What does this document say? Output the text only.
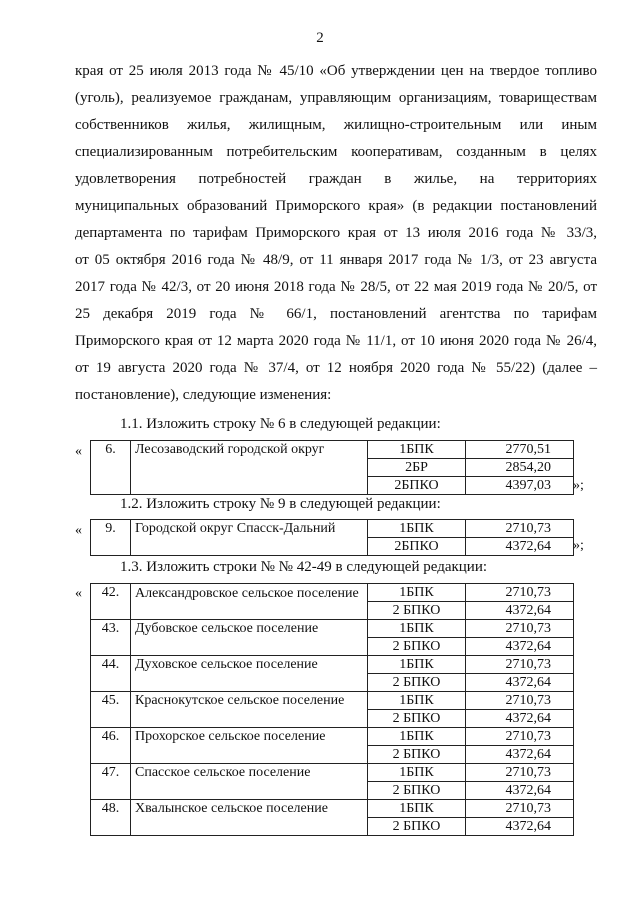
2
края от 25 июля 2013 года № 45/10 «Об утверждении цен на твердое топливо
(уголь), реализуемое гражданам, управляющим организациям, товариществам
собственников жилья, жилищным, жилищно-строительным или иным
специализированным потребительским кооперативам, созданным в целях
удовлетворения потребностей граждан в жилье, на территориях
муниципальных образований Приморского края» (в редакции постановлений
департамента по тарифам Приморского края от 13 июля 2016 года № 33/3,
от 05 октября 2016 года № 48/9, от 11 января 2017 года № 1/3, от 23 августа
2017 года № 42/3, от 20 июня 2018 года № 28/5, от 22 мая 2019 года № 20/5, от
25 декабря 2019 года № 66/1, постановлений агентства по тарифам
Приморского края от 12 марта 2020 года № 11/1, от 10 июня 2020 года № 26/4,
от 19 августа 2020 года № 37/4, от 12 ноября 2020 года № 55/22) (далее –
постановление), следующие изменения:
1.1. Изложить строку № 6 в следующей редакции:
« 6.	Лесозаводский городской округ	1БПК	2770,51
		2БР	2854,20
		2БПКО	4397,03 »;
1.2. Изложить строку № 9 в следующей редакции:
« 9.	Городской округ Спасск-Дальний	1БПК	2710,73
		2БПКО	4372,64 »;
1.3. Изложить строки № № 42-49 в следующей редакции:
« 42.	Александровское сельское поселение	1БПК	2710,73
		2 БПКО	4372,64
43.	Дубовское сельское поселение	1БПК	2710,73
		2 БПКО	4372,64
44.	Духовское сельское поселение	1БПК	2710,73
		2 БПКО	4372,64
45.	Краснокутское сельское поселение	1БПК	2710,73
		2 БПКО	4372,64
46.	Прохорское сельское поселение	1БПК	2710,73
		2 БПКО	4372,64
47.	Спасское сельское поселение	1БПК	2710,73
		2 БПКО	4372,64
48.	Хвалынское сельское поселение	1БПК	2710,73
		2 БПКО	4372,64
